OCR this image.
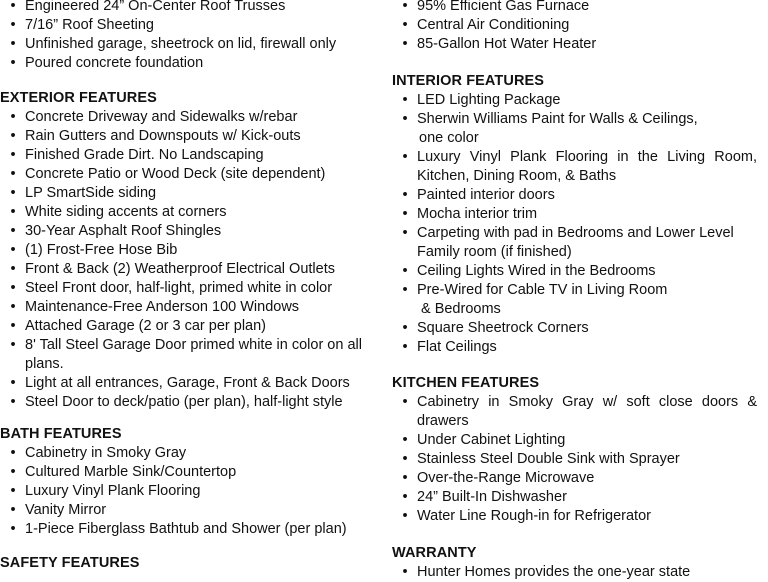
• Engineered 24” On-Center Roof Trusses
• 7/16” Roof Sheeting
• Unfinished garage, sheetrock on lid, firewall only
• Poured concrete foundation
EXTERIOR FEATURES
• Concrete Driveway and Sidewalks w/rebar
• Rain Gutters and Downspouts w/ Kick-outs
• Finished Grade Dirt. No Landscaping
• Concrete Patio or Wood Deck (site dependent)
• LP SmartSide siding
• White siding accents at corners
• 30-Year Asphalt Roof Shingles
• (1) Frost-Free Hose Bib
• Front & Back (2) Weatherproof Electrical Outlets
• Steel Front door, half-light, primed white in color
• Maintenance-Free Anderson 100 Windows
• Attached Garage (2 or 3 car per plan)
• 8' Tall Steel Garage Door primed white in color on all plans.
• Light at all entrances, Garage, Front & Back Doors
• Steel Door to deck/patio (per plan), half-light style
BATH FEATURES
• Cabinetry in Smoky Gray
• Cultured Marble Sink/Countertop
• Luxury Vinyl Plank Flooring
• Vanity Mirror
• 1-Piece Fiberglass Bathtub and Shower (per plan)
SAFETY FEATURES
• 95% Efficient Gas Furnace
• Central Air Conditioning
• 85-Gallon Hot Water Heater
INTERIOR FEATURES
• LED Lighting Package
• Sherwin Williams Paint for Walls & Ceilings,
one color
• Luxury Vinyl Plank Flooring in the Living Room, Kitchen, Dining Room, & Baths
• Painted interior doors
• Mocha interior trim
• Carpeting with pad in Bedrooms and Lower Level Family room (if finished)
• Ceiling Lights Wired in the Bedrooms
• Pre-Wired for Cable TV in Living Room
& Bedrooms
• Square Sheetrock Corners
• Flat Ceilings
KITCHEN FEATURES
• Cabinetry in Smoky Gray w/ soft close doors & drawers
• Under Cabinet Lighting
• Stainless Steel Double Sink with Sprayer
• Over-the-Range Microwave
• 24” Built-In Dishwasher
• Water Line Rough-in for Refrigerator
WARRANTY
• Hunter Homes provides the one-year state
